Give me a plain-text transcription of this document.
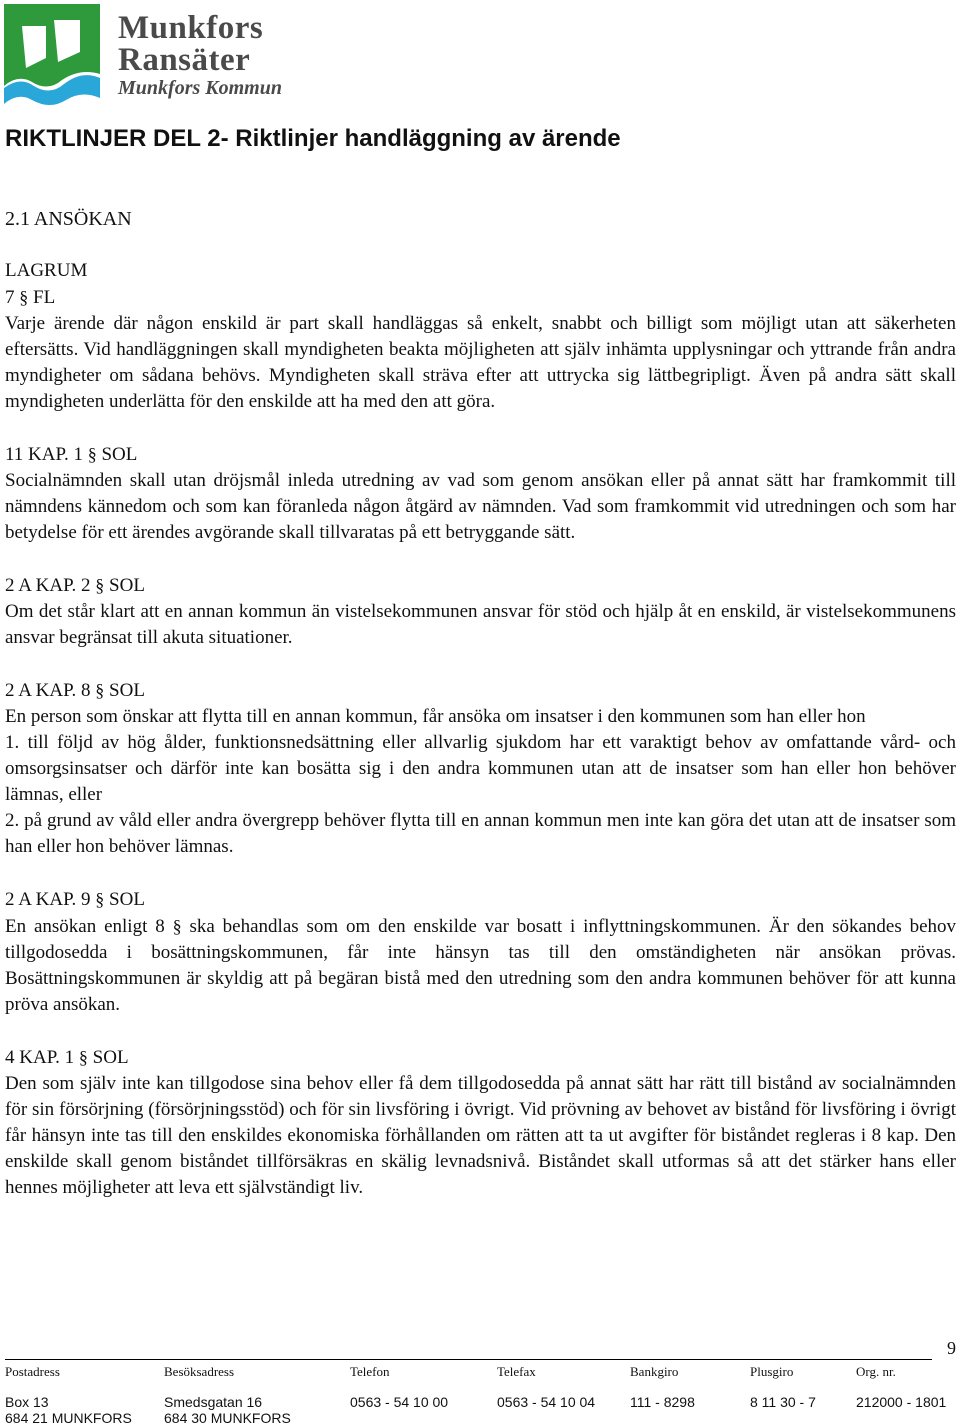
Munkfors
Ransäter
Munkfors Kommun
RIKTLINJER DEL 2- Riktlinjer handläggning av ärende
2.1 ANSÖKAN
LAGRUM
7 § FL

Varje ärende där någon enskild är part skall handläggas så enkelt, snabbt och billigt som möjligt utan att säkerheten eftersätts. Vid handläggningen skall myndigheten beakta möjligheten att själv inhämta upplysningar och yttrande från andra myndigheter om sådana behövs. Myndigheten skall sträva efter att uttrycka sig lättbegripligt. Även på andra sätt skall myndigheten underlätta för den enskilde att ha med den att göra.

11 KAP. 1 § SOL

Socialnämnden skall utan dröjsmål inleda utredning av vad som genom ansökan eller på annat sätt har framkommit till nämndens kännedom och som kan föranleda någon åtgärd av nämnden. Vad som framkommit vid utredningen och som har betydelse för ett ärendes avgörande skall tillvaratas på ett betryggande sätt.

2 A KAP. 2 § SOL

Om det står klart att en annan kommun än vistelsekommunen ansvar för stöd och hjälp åt en enskild, är vistelsekommunens ansvar begränsat till akuta situationer.

2 A KAP. 8 § SOL

En person som önskar att flytta till en annan kommun, får ansöka om insatser i den kommunen som han eller hon

1. till följd av hög ålder, funktionsnedsättning eller allvarlig sjukdom har ett varaktigt behov av omfattande vård- och omsorgsinsatser och därför inte kan bosätta sig i den andra kommunen utan att de insatser som han eller hon behöver lämnas, eller

2. på grund av våld eller andra övergrepp behöver flytta till en annan kommun men inte kan göra det utan att de insatser som han eller hon behöver lämnas.

2 A KAP. 9 § SOL

En ansökan enligt 8 § ska behandlas som om den enskilde var bosatt i inflyttningskommunen. Är den sökandes behov tillgodosedda i bosättningskommunen, får inte hänsyn tas till den omständigheten när ansökan prövas. Bosättningskommunen är skyldig att på begäran bistå med den utredning som den andra kommunen behöver för att kunna pröva ansökan.

4 KAP. 1 § SOL

Den som själv inte kan tillgodose sina behov eller få dem tillgodosedda på annat sätt har rätt till bistånd av socialnämnden för sin försörjning (försörjningsstöd) och för sin livsföring i övrigt. Vid prövning av behovet av bistånd för livsföring i övrigt får hänsyn inte tas till den enskildes ekonomiska förhållanden om rätten att ta ut avgifter för biståndet regleras i 8 kap. Den enskilde skall genom biståndet tillförsäkras en skälig levnadsnivå. Biståndet skall utformas så att det stärker hans eller hennes möjligheter att leva ett självständigt liv.

9
Postadress
Box 13
684 21 MUNKFORS
Besöksadress
Smedsgatan 16
684 30 MUNKFORS
Telefon
0563 - 54 10 00
Telefax
0563 - 54 10 04
Bankgiro
111 - 8298
Plusgiro
8 11 30 - 7
Org. nr.
212000 - 1801
